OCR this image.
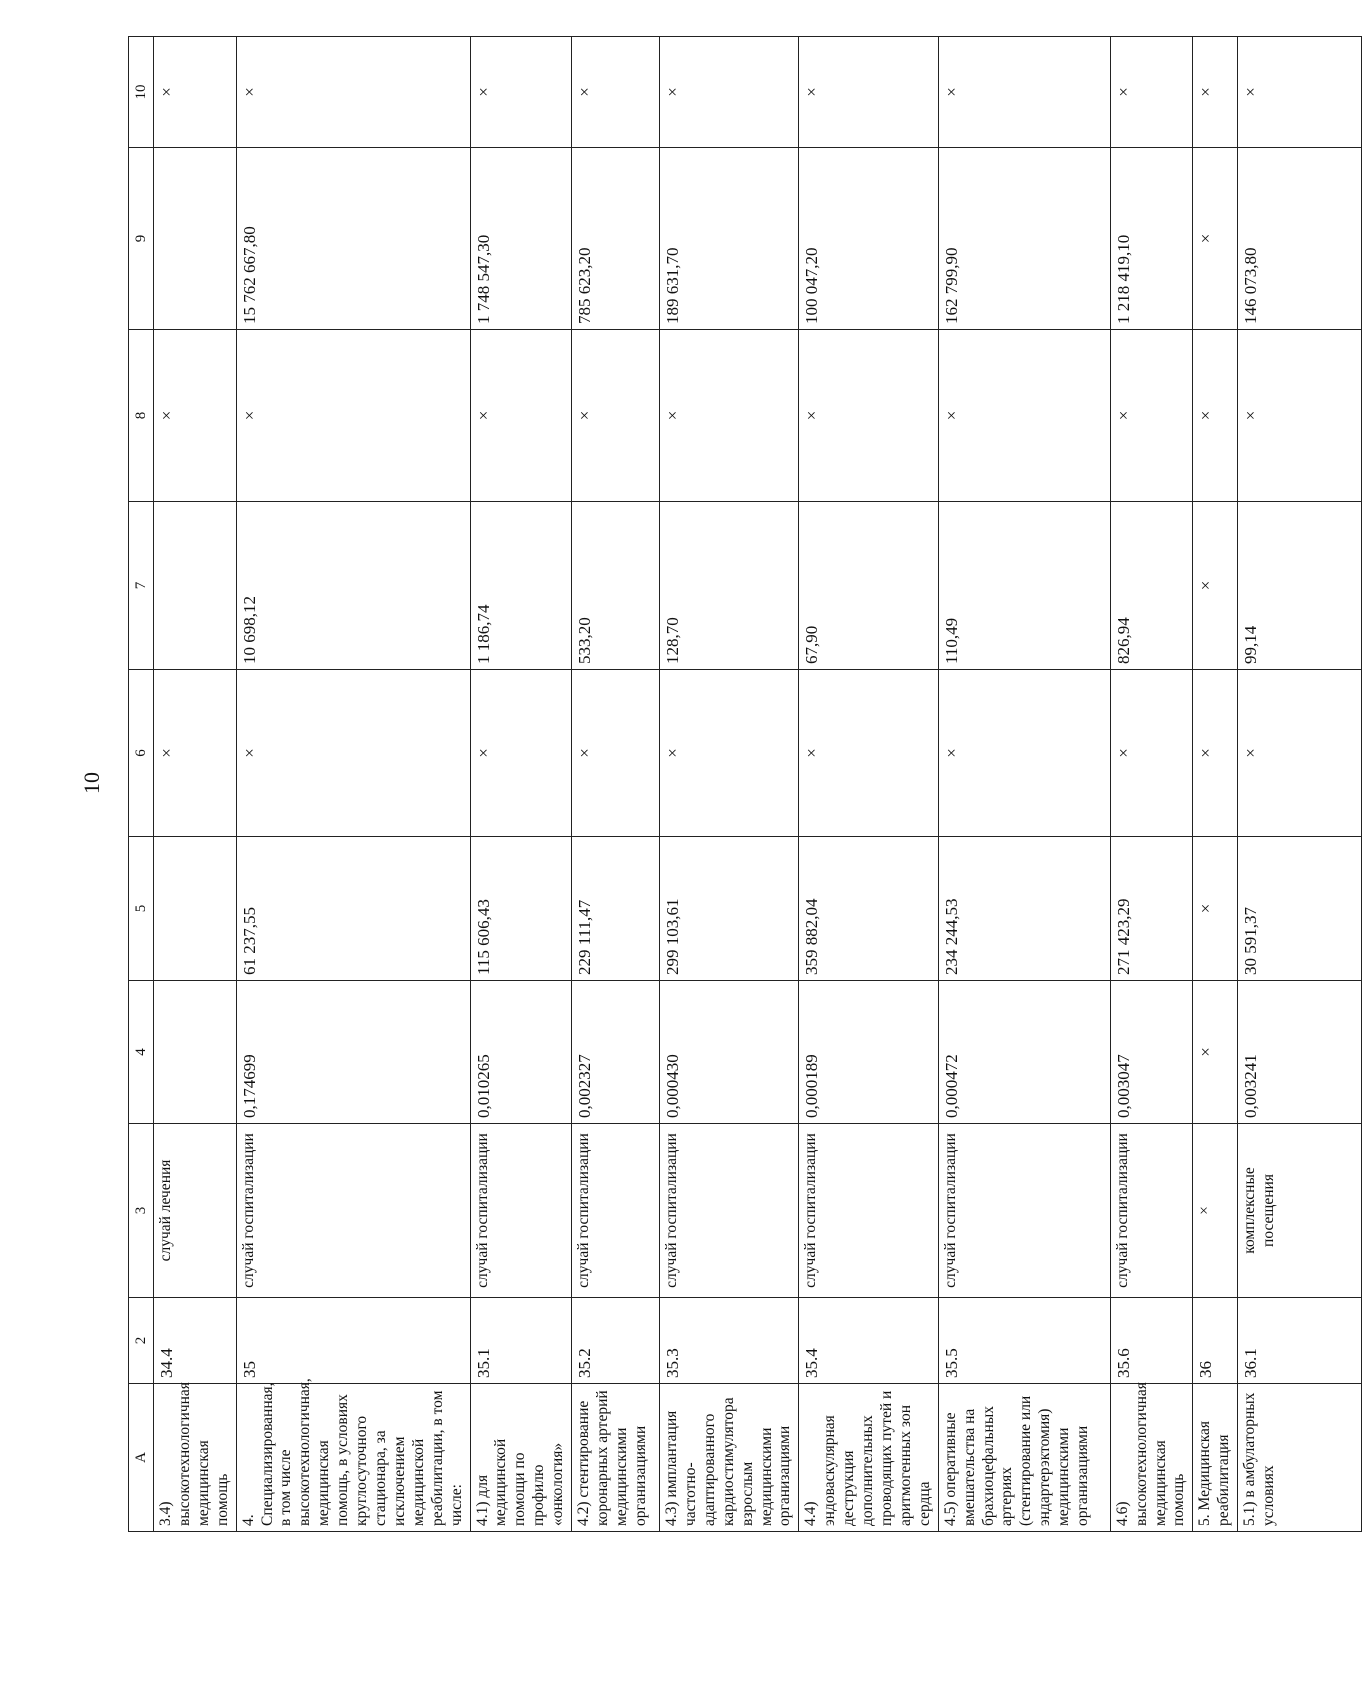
10
А	2	3	4	5	6	7	8	9	10
3.4) высокотехнологичная медицинская помощь	34.4	случай лечения			×		×		×
4. Специализированная, в том числе высокотехнологичная, медицинская помощь, в условиях круглосуточного стационара, за исключением медицинской реабилитации, в том числе:	35	случай госпитализации	0,174699	61 237,55	×	10 698,12	×	15 762 667,80	×
4.1) для медицинской помощи по профилю «онкология»	35.1	случай госпитализации	0,010265	115 606,43	×	1 186,74	×	1 748 547,30	×
4.2) стентирование коронарных артерий медицинскими организациями	35.2	случай госпитализации	0,002327	229 111,47	×	533,20	×	785 623,20	×
4.3) имплантация частотно-адаптированного кардиостимулятора взрослым медицинскими организациями	35.3	случай госпитализации	0,000430	299 103,61	×	128,70	×	189 631,70	×
4.4) эндоваскулярная деструкция дополнительных проводящих путей и аритмогенных зон сердца	35.4	случай госпитализации	0,000189	359 882,04	×	67,90	×	100 047,20	×
4.5) оперативные вмешательства на брахиоцефальных артериях (стентирование или эндартерэктомия) медицинскими организациями	35.5	случай госпитализации	0,000472	234 244,53	×	110,49	×	162 799,90	×
4.6) высокотехнологичная медицинская помощь	35.6	случай госпитализации	0,003047	271 423,29	×	826,94	×	1 218 419,10	×
5. Медицинская реабилитация	36	×	×	×	×	×	×	×	×
5.1) в амбулаторных условиях	36.1	комплексные посещения	0,003241	30 591,37	×	99,14	×	146 073,80	×
